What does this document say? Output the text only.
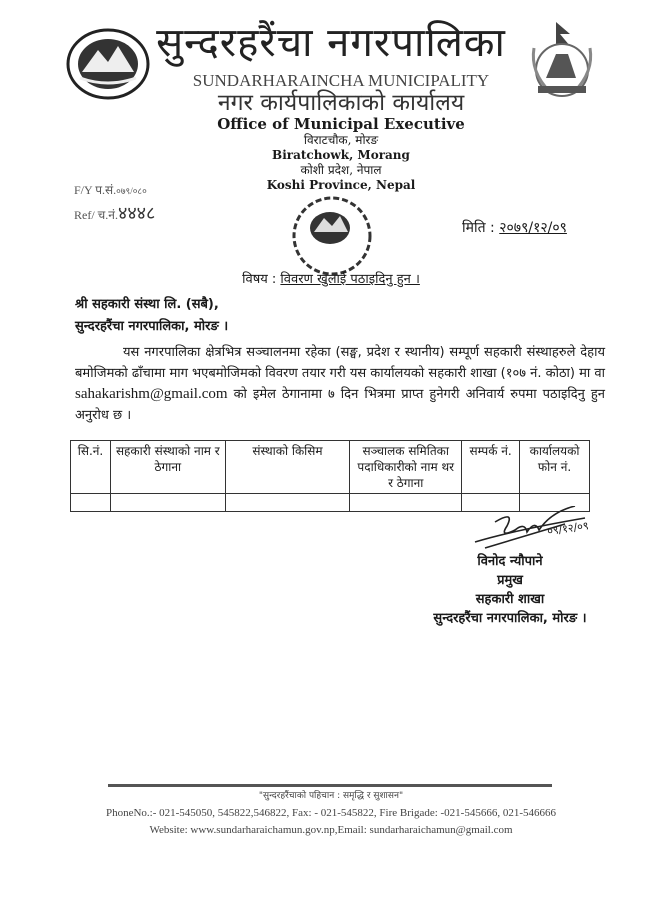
सुन्दरहरैंचा नगरपालिका
SUNDARHARAINCHA MUNICIPALITY
नगर कार्यपालिकाको कार्यालय
Office of Municipal Executive
विराटचौक, मोरङ
Biratchowk, Morang
कोशी प्रदेश, नेपाल
Koshi Province, Nepal
F/Y प.सं.०७९/०८०
Ref/ च.नं.४४४८
मिति : २०७९/१२/०९
विषय : विवरण खुलाई पठाइदिनु हुन ।
श्री सहकारी संस्था लि. (सबै),
सुन्दरहरैंचा नगरपालिका, मोरङ ।
यस नगरपालिका क्षेत्रभित्र सञ्चालनमा रहेका (सङ्घ, प्रदेश र स्थानीय) सम्पूर्ण सहकारी संस्थाहरुले देहाय बमोजिमको ढाँचामा माग भएबमोजिमको विवरण तयार गरी यस कार्यालयको सहकारी शाखा (१०७ नं. कोठा) मा वा sahakarishm@gmail.com को इमेल ठेगानामा ७ दिन भित्रमा प्राप्त हुनेगरी अनिवार्य रुपमा पठाइदिनु हुन अनुरोध छ ।
सि.नं.	सहकारी संस्थाको नाम र ठेगाना	संस्थाको किसिम	सञ्चालक समितिका पदाधिकारीको नाम थर र ठेगाना	सम्पर्क नं.	कार्यालयको फोन नं.

०९/१२/०९
विनोद न्यौपाने
प्रमुख
सहकारी शाखा
सुन्दरहरैंचा नगरपालिका, मोरङ ।
"सुन्दरहरैंचाको पहिचान : समृद्धि र सुशासन"
PhoneNo.:- 021-545050, 545822,546822, Fax: - 021-545822, Fire Brigade: -021-545666, 021-546666
Website: www.sundarharaichamun.gov.np,Email: sundarharaichamun@gmail.com
